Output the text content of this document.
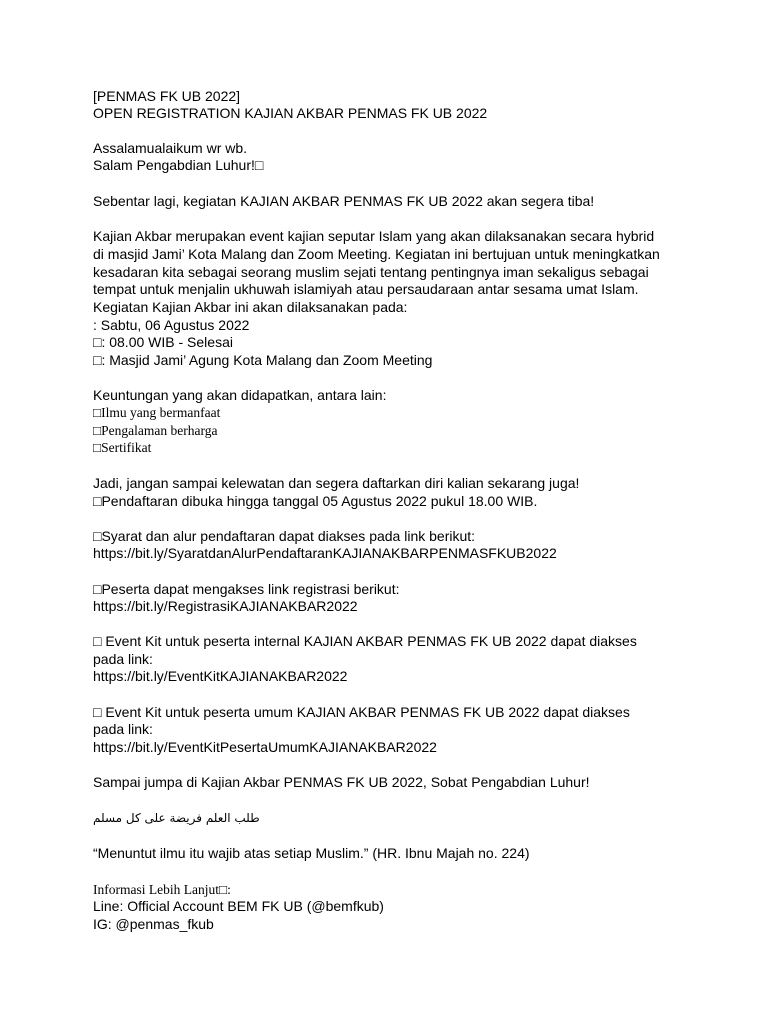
[PENMAS FK UB 2022]
OPEN REGISTRATION KAJIAN AKBAR PENMAS FK UB 2022
Assalamualaikum wr wb.
Salam Pengabdian Luhur!□
Sebentar lagi, kegiatan KAJIAN AKBAR PENMAS FK UB 2022 akan segera tiba!
Kajian Akbar merupakan event kajian seputar Islam yang akan dilaksanakan secara hybrid
di masjid Jami’ Kota Malang dan Zoom Meeting. Kegiatan ini bertujuan untuk meningkatkan
kesadaran kita sebagai seorang muslim sejati tentang pentingnya iman sekaligus sebagai
tempat untuk menjalin ukhuwah islamiyah atau persaudaraan antar sesama umat Islam.
Kegiatan Kajian Akbar ini akan dilaksanakan pada:
: Sabtu, 06 Agustus 2022
□: 08.00 WIB - Selesai
□: Masjid Jami’ Agung Kota Malang dan Zoom Meeting
Keuntungan yang akan didapatkan, antara lain:
□Ilmu yang bermanfaat
□Pengalaman berharga
□Sertifikat
Jadi, jangan sampai kelewatan dan segera daftarkan diri kalian sekarang juga!
□Pendaftaran dibuka hingga tanggal 05 Agustus 2022 pukul 18.00 WIB.
□Syarat dan alur pendaftaran dapat diakses pada link berikut:
https://bit.ly/SyaratdanAlurPendaftaranKAJIANAKBARPENMASFKUB2022
□Peserta dapat mengakses link registrasi berikut:
https://bit.ly/RegistrasiKAJIANAKBAR2022
□ Event Kit untuk peserta internal KAJIAN AKBAR PENMAS FK UB 2022 dapat diakses
pada link:
https://bit.ly/EventKitKAJIANAKBAR2022
□ Event Kit untuk peserta umum KAJIAN AKBAR PENMAS FK UB 2022 dapat diakses
pada link:
https://bit.ly/EventKitPesertaUmumKAJIANAKBAR2022
Sampai jumpa di Kajian Akbar PENMAS FK UB 2022, Sobat Pengabdian Luhur!
طلب العلم فريضة على كل مسلم
“Menuntut ilmu itu wajib atas setiap Muslim.” (HR. Ibnu Majah no. 224)
Informasi Lebih Lanjut□:
Line: Official Account BEM FK UB (@bemfkub)
IG: @penmas_fkub
